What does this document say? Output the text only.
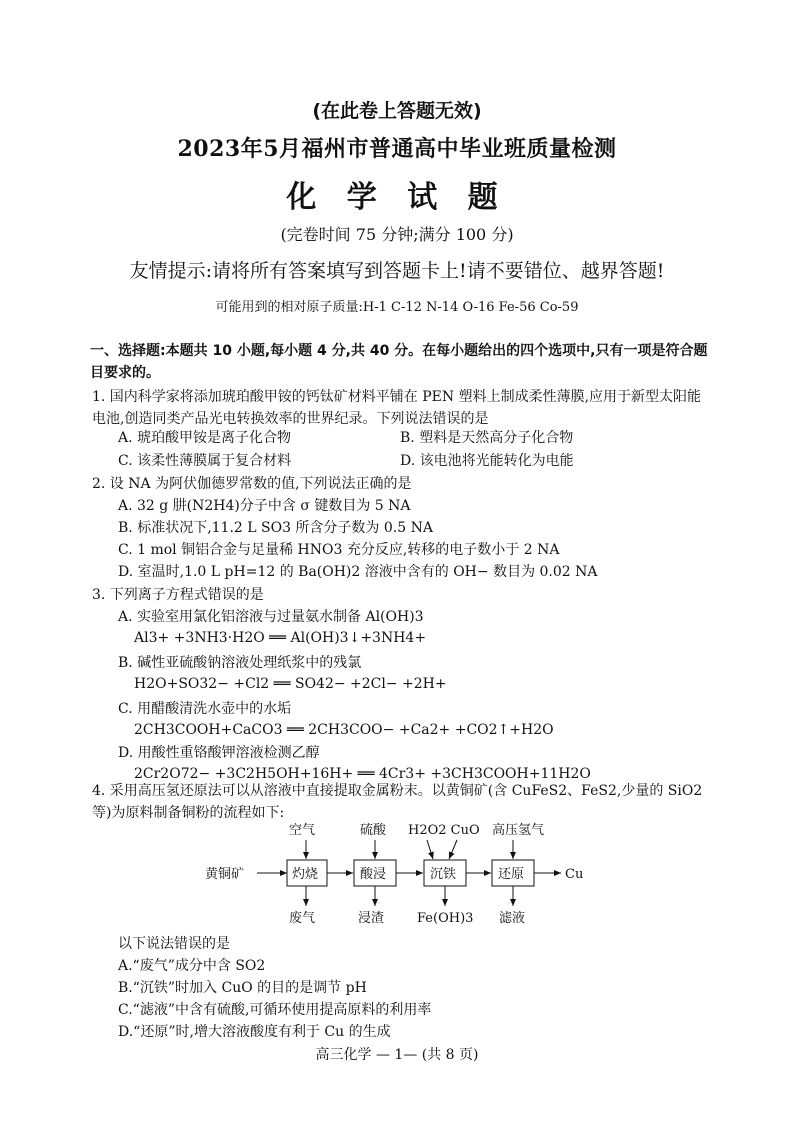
(在此卷上答题无效)
2023年5月福州市普通高中毕业班质量检测
化 学 试 题
(完卷时间 75 分钟;满分 100 分)
友情提示:请将所有答案填写到答题卡上!请不要错位、越界答题!
可能用到的相对原子质量:H-1 C-12 N-14 O-16 Fe-56 Co-59
一、选择题:本题共 10 小题,每小题 4 分,共 40 分。在每小题给出的四个选项中,只有一项是符合题目要求的。
1. 国内科学家将添加琥珀酸甲铵的钙钛矿材料平铺在 PEN 塑料上制成柔性薄膜,应用于新型太阳能电池,创造同类产品光电转换效率的世界纪录。下列说法错误的是
A. 琥珀酸甲铵是离子化合物	B. 塑料是天然高分子化合物
C. 该柔性薄膜属于复合材料	D. 该电池将光能转化为电能
2. 设 NA 为阿伏伽德罗常数的值,下列说法正确的是
A. 32 g 肼(N2H4)分子中含 σ 键数目为 5 NA
B. 标准状况下,11.2 L SO3 所含分子数为 0.5 NA
C. 1 mol 铜铝合金与足量稀 HNO3 充分反应,转移的电子数小于 2 NA
D. 室温时,1.0 L pH=12 的 Ba(OH)2 溶液中含有的 OH− 数目为 0.02 NA
3. 下列离子方程式错误的是
A. 实验室用氯化铝溶液与过量氨水制备 Al(OH)3
Al3+ +3NH3·H2O ══ Al(OH)3↓+3NH4+
B. 碱性亚硫酸钠溶液处理纸浆中的残氯
H2O+SO32− +Cl2 ══ SO42− +2Cl− +2H+
C. 用醋酸清洗水壶中的水垢
2CH3COOH+CaCO3 ══ 2CH3COO− +Ca2+ +CO2↑+H2O
D. 用酸性重铬酸钾溶液检测乙醇
2Cr2O72− +3C2H5OH+16H+ ══ 4Cr3+ +3CH3COOH+11H2O
4. 采用高压氢还原法可以从溶液中直接提取金属粉末。以黄铜矿(含 CuFeS2、FeS2,少量的 SiO2 等)为原料制备铜粉的流程如下:
黄铜矿
空气
灼烧
废气
硫酸
酸浸
浸渣
H2O2 CuO
沉铁
Fe(OH)3
高压氢气
还原
滤液
Cu
以下说法错误的是
A.“废气”成分中含 SO2
B.“沉铁”时加入 CuO 的目的是调节 pH
C.“滤液”中含有硫酸,可循环使用提高原料的利用率
D.“还原”时,增大溶液酸度有利于 Cu 的生成
高三化学 — 1— (共 8 页)
